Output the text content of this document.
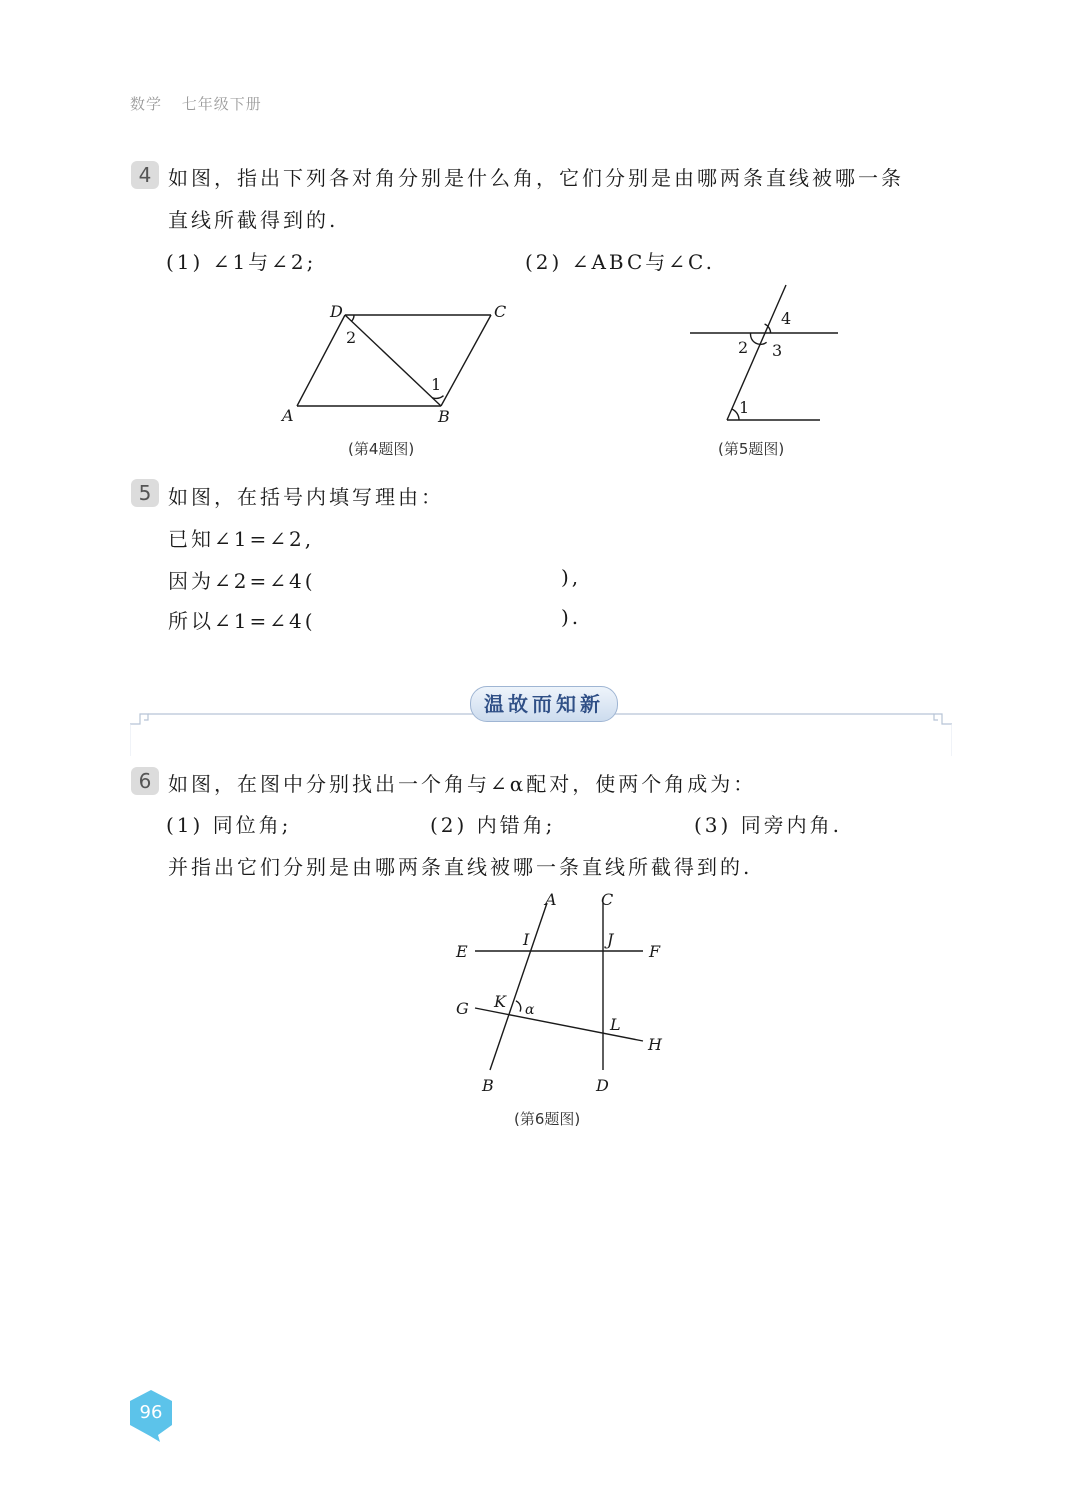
数学 七年级下册
4 如图，指出下列各对角分别是什么角，它们分别是由哪两条直线被哪一条
直线所截得到的.
(1) ∠1与∠2;	(2) ∠ABC与∠C.
D	C
A	B
2
1
(第4题图)
4
2 3
1
(第5题图)
5 如图，在括号内填写理由：
已知∠1=∠2,
因为∠2=∠4(	),
所以∠1=∠4(	).
温故而知新
6 如图，在图中分别找出一个角与∠α配对，使两个角成为：
(1) 同位角;	(2) 内错角;	(3) 同旁内角.
并指出它们分别是由哪两条直线被哪一条直线所截得到的.
A	C
E	F
I	J
G K α
L
H
B	D
(第6题图)
96
